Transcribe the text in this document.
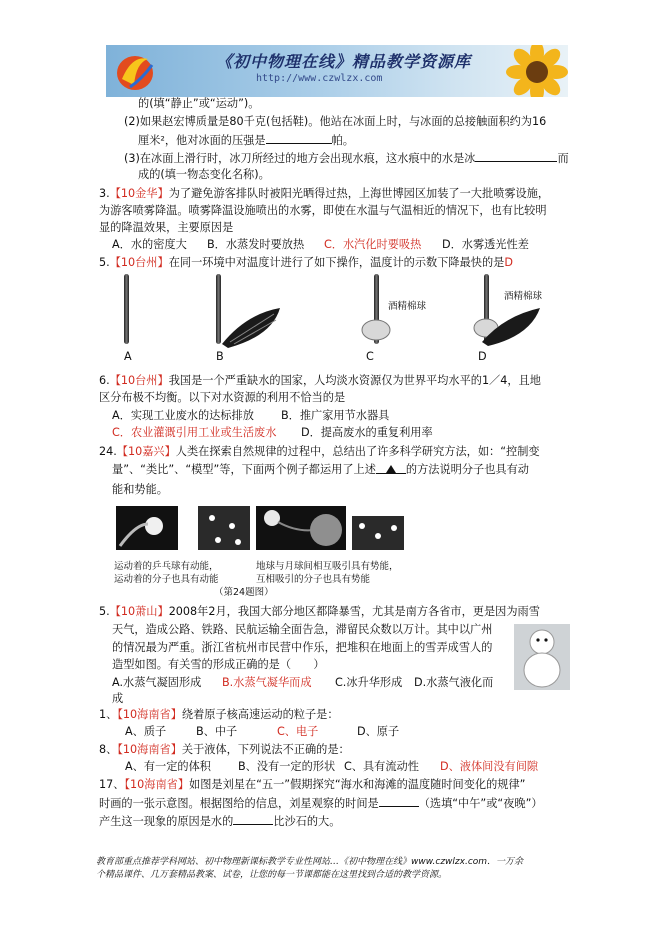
《初中物理在线》精品教学资源库
http://www.czwlzx.com
的(填“静止”或“运动”)。
(2)如果赵宏博质量是80千克(包括鞋)。他站在冰面上时，与冰面的总接触面积约为16
厘米²，他对冰面的压强是	帕。
(3)在冰面上滑行时，冰刀所经过的地方会出现水痕，这水痕中的水是冰	而
成的(填一物态变化名称)。
3.【10金华】为了避免游客排队时被阳光晒得过热，上海世博园区加装了一大批喷雾设施，
为游客喷雾降温。喷雾降温设施喷出的水雾，即使在水温与气温相近的情况下，也有比较明
显的降温效果，主要原因是
A．水的密度大 B．水蒸发时要放热 C．水汽化时要吸热 D．水雾透光性差
5.【10台州】在同一环境中对温度计进行了如下操作，温度计的示数下降最快的是D
酒精棉球
酒精棉球
A	B	C	D
6.【10台州】我国是一个严重缺水的国家，人均淡水资源仅为世界平均水平的1／4，且地
区分布极不均衡。以下对水资源的利用不恰当的是
A．实现工业废水的达标排放 B．推广家用节水器具
C．农业灌溉引用工业或生活废水 D．提高废水的重复利用率
24.【10嘉兴】人类在探索自然规律的过程中，总结出了许多科学研究方法，如：“控制变
量”、“类比”、“模型”等，下面两个例子都运用了上述	的方法说明分子也具有动
能和势能。
运动着的乒乓球有动能，
运动着的分子也具有动能
地球与月球间相互吸引具有势能，
互相吸引的分子也具有势能
（第24题图）
5.【10萧山】2008年2月，我国大部分地区都降暴雪，尤其是南方各省市，更是因为雨雪
天气，造成公路、铁路、民航运输全面告急，滞留民众数以万计。其中以广州
的情况最为严重。浙江省杭州市民营中作乐，把堆积在地面上的雪弄成雪人的
造型如图。有关雪的形成正确的是（　　）
A.水蒸气凝固形成 B.水蒸气凝华而成 C.冰升华形成 D.水蒸气液化而
成
1、【10海南省】绕着原子核高速运动的粒子是：
A、质子	B、中子	C、电子	D、原子
8、【10海南省】关于液体，下列说法不正确的是：
A、有一定的体积 B、没有一定的形状 C、具有流动性 D、液体间没有间隙
17、【10海南省】如图是刘星在“五一”假期探究“海水和海滩的温度随时间变化的规律”
时画的一张示意图。根据图给的信息，刘星观察的时间是	（选填“中午”或“夜晚”）
产生这一现象的原因是水的	比沙石的大。
教育部重点推荐学科网站、初中物理新课标教学专业性网站…《初中物理在线》www.czwlzx.com．一万余
个精品课件、几万套精品教案、试卷，让您的每一节课都能在这里找到合适的教学资源。
